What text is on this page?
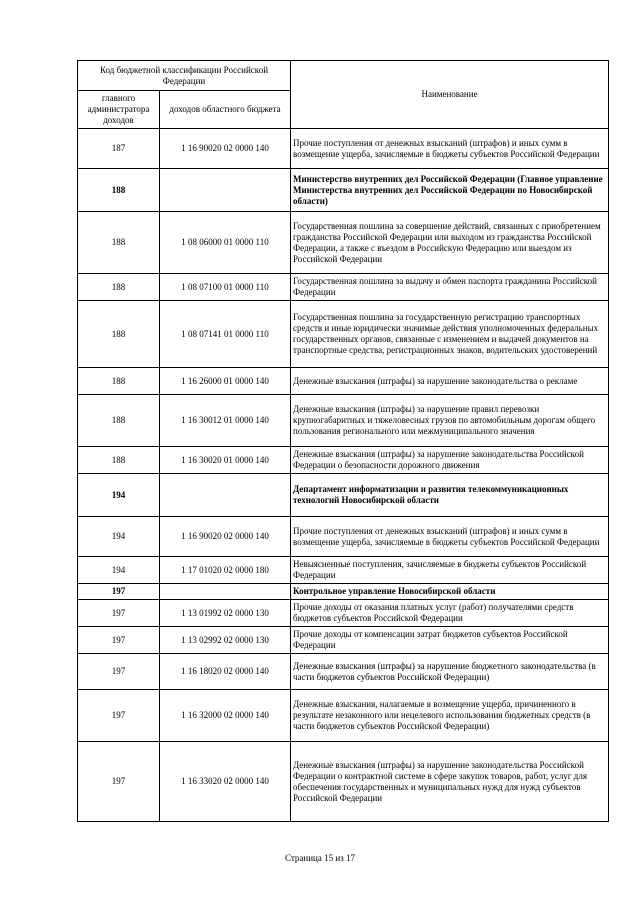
Код бюджетной классификации Российской Федерации		Наименование
главного администратора доходов	доходов областного бюджета	
187	1 16 90020 02 0000 140	Прочие поступления от денежных взысканий (штрафов) и иных сумм в возмещение ущерба, зачисляемые в бюджеты субъектов Российской Федерации
188		Министерство внутренних дел Российской Федерации (Главное управление Министерства внутренних дел Российской Федерации по Новосибирской области)
188	1 08 06000 01 0000 110	Государственная пошлина за совершение действий, связанных с приобретением гражданства Российской Федерации или выходом из гражданства Российской Федерации, а также с въездом в Российскую Федерацию или выездом из Российской Федерации
188	1 08 07100 01 0000 110	Государственная пошлина за выдачу и обмен паспорта гражданина Российской Федерации
188	1 08 07141 01 0000 110	Государственная пошлина за государственную регистрацию транспортных средств и иные юридически значимые действия уполномоченных федеральных государственных органов, связанные с изменением и выдачей документов на транспортные средства, регистрационных знаков, водительских удостоверений
188	1 16 26000 01 0000 140	Денежные взыскания (штрафы) за нарушение законодательства о рекламе
188	1 16 30012 01 0000 140	Денежные взыскания (штрафы) за нарушение правил перевозки крупногабаритных и тяжеловесных грузов по автомобильным дорогам общего пользования регионального или межмуниципального значения
188	1 16 30020 01 0000 140	Денежные взыскания (штрафы) за нарушение законодательства Российской Федерации о безопасности дорожного движения
194		Департамент информатизации и развития телекоммуникационных технологий Новосибирской области
194	1 16 90020 02 0000 140	Прочие поступления от денежных взысканий (штрафов) и иных сумм в возмещение ущерба, зачисляемые в бюджеты субъектов Российской Федерации
194	1 17 01020 02 0000 180	Невыясненные поступления, зачисляемые в бюджеты субъектов Российской Федерации
197		Контрольное управление Новосибирской области
197	1 13 01992 02 0000 130	Прочие доходы от оказания платных услуг (работ) получателями средств бюджетов субъектов Российской Федерации
197	1 13 02992 02 0000 130	Прочие доходы от компенсации затрат бюджетов субъектов Российской Федерации
197	1 16 18020 02 0000 140	Денежные взыскания (штрафы) за нарушение бюджетного законодательства (в части бюджетов субъектов Российской Федерации)
197	1 16 32000 02 0000 140	Денежные взыскания, налагаемые в возмещение ущерба, причиненного в результате незаконного или нецелевого использования бюджетных средств (в части бюджетов субъектов Российской Федерации)
197	1 16 33020 02 0000 140	Денежные взыскания (штрафы) за нарушение законодательства Российской Федерации о контрактной системе в сфере закупок товаров, работ, услуг для обеспечения государственных и муниципальных нужд для нужд субъектов Российской Федерации
Страница 15 из 17
